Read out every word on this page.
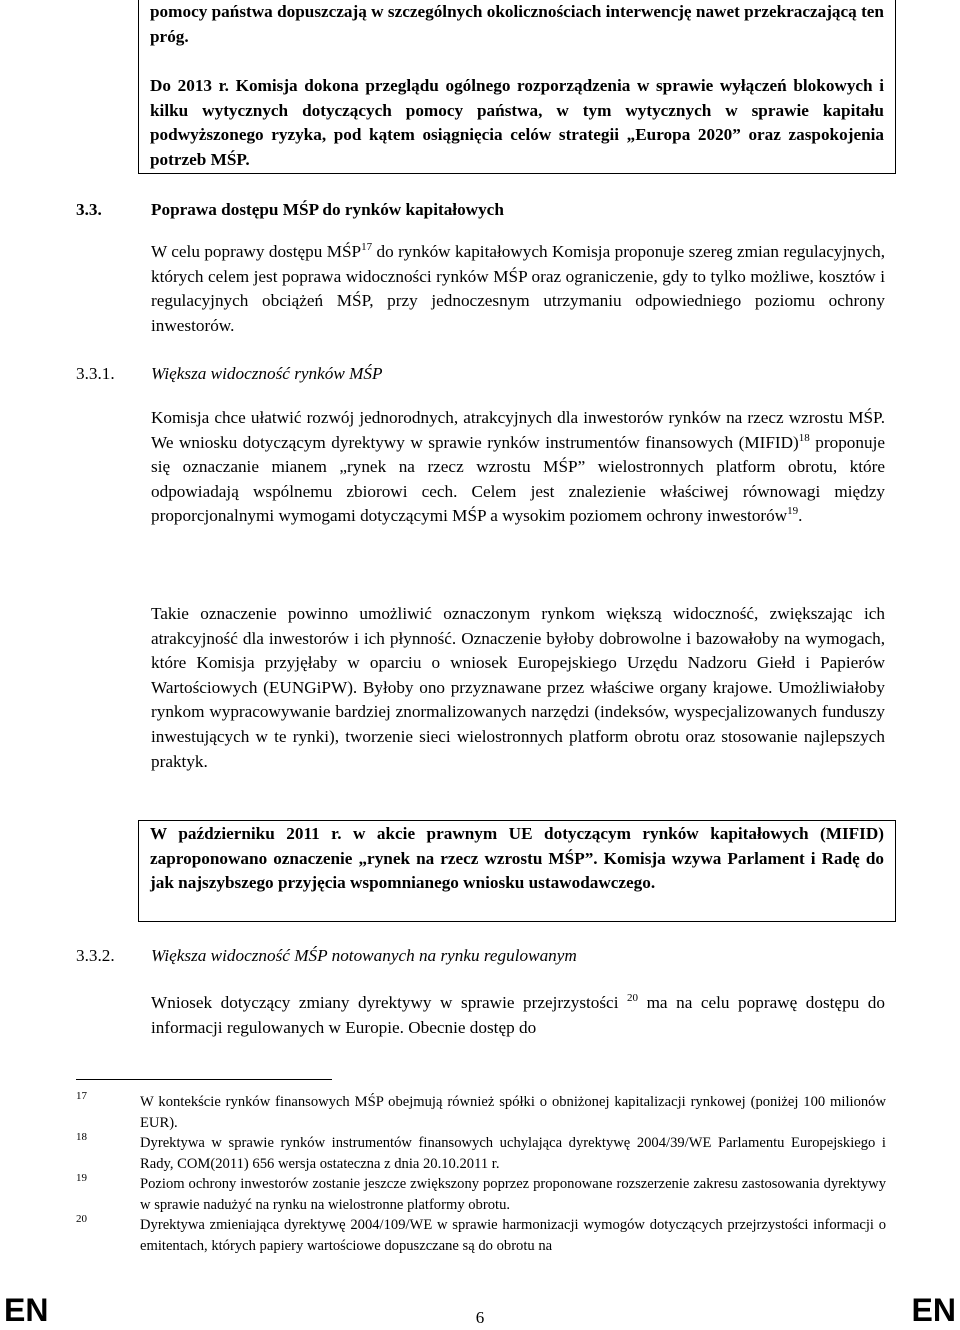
pomocy państwa dopuszczają w szczególnych okolicznościach interwencję nawet przekraczającą ten próg.

Do 2013 r. Komisja dokona przeglądu ogólnego rozporządzenia w sprawie wyłączeń blokowych i kilku wytycznych dotyczących pomocy państwa, w tym wytycznych w sprawie kapitału podwyższonego ryzyka, pod kątem osiągnięcia celów strategii „Europa 2020” oraz zaspokojenia potrzeb MŚP.

3.3.	Poprawa dostępu MŚP do rynków kapitałowych

W celu poprawy dostępu MŚP$^{17}$ do rynków kapitałowych Komisja proponuje szereg zmian regulacyjnych, których celem jest poprawa widoczności rynków MŚP oraz ograniczenie, gdy to tylko możliwe, kosztów i regulacyjnych obciążeń MŚP, przy jednoczesnym utrzymaniu odpowiedniego poziomu ochrony inwestorów.

3.3.1. Większa widoczność rynków MŚP

Komisja chce ułatwić rozwój jednorodnych, atrakcyjnych dla inwestorów rynków na rzecz wzrostu MŚP. We wniosku dotyczącym dyrektywy w sprawie rynków instrumentów finansowych (MIFID)$^{18}$ proponuje się oznaczanie mianem „rynek na rzecz wzrostu MŚP” wielostronnych platform obrotu, które odpowiadają wspólnemu zbiorowi cech. Celem jest znalezienie właściwej równowagi między proporcjonalnymi wymogami dotyczącymi MŚP a wysokim poziomem ochrony inwestorów$^{19}$.

Takie oznaczenie powinno umożliwić oznaczonym rynkom większą widoczność, zwiększając ich atrakcyjność dla inwestorów i ich płynność. Oznaczenie byłoby dobrowolne i bazowałoby na wymogach, które Komisja przyjęłaby w oparciu o wniosek Europejskiego Urzędu Nadzoru Giełd i Papierów Wartościowych (EUNGiPW). Byłoby ono przyznawane przez właściwe organy krajowe. Umożliwiałoby rynkom wypracowywanie bardziej znormalizowanych narzędzi (indeksów, wyspecjalizowanych funduszy inwestujących w te rynki), tworzenie sieci wielostronnych platform obrotu oraz stosowanie najlepszych praktyk.

W październiku 2011 r. w akcie prawnym UE dotyczącym rynków kapitałowych (MIFID) zaproponowano oznaczenie „rynek na rzecz wzrostu MŚP”. Komisja wzywa Parlament i Radę do jak najszybszego przyjęcia wspomnianego wniosku ustawodawczego.

3.3.2. Większa widoczność MŚP notowanych na rynku regulowanym

Wniosek dotyczący zmiany dyrektywy w sprawie przejrzystości $^{20}$ ma na celu poprawę dostępu do informacji regulowanych w Europie. Obecnie dostęp do

17	W kontekście rynków finansowych MŚP obejmują również spółki o obniżonej kapitalizacji rynkowej (poniżej 100 milionów EUR).
18	Dyrektywa w sprawie rynków instrumentów finansowych uchylająca dyrektywę 2004/39/WE Parlamentu Europejskiego i Rady, COM(2011) 656 wersja ostateczna z dnia 20.10.2011 r.
19	Poziom ochrony inwestorów zostanie jeszcze zwiększony poprzez proponowane rozszerzenie zakresu zastosowania dyrektywy w sprawie nadużyć na rynku na wielostronne platformy obrotu.
20	Dyrektywa zmieniająca dyrektywę 2004/109/WE w sprawie harmonizacji wymogów dotyczących przejrzystości informacji o emitentach, których papiery wartościowe dopuszczane są do obrotu na
EN	6	EN
